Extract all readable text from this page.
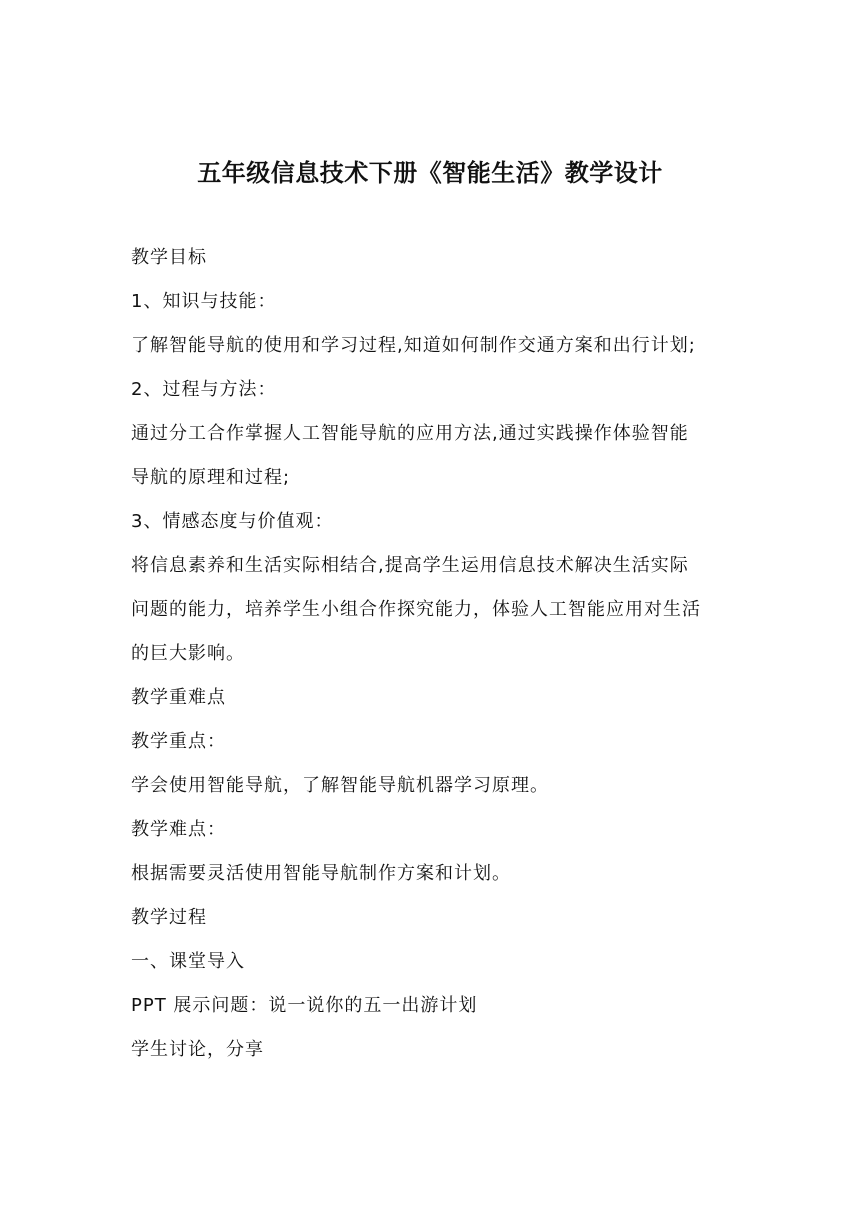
五年级信息技术下册《智能生活》教学设计
教学目标
1、知识与技能：
了解智能导航的使用和学习过程,知道如何制作交通方案和出行计划;
2、过程与方法：
通过分工合作掌握人工智能导航的应用方法,通过实践操作体验智能
导航的原理和过程;
3、情感态度与价值观：
将信息素养和生活实际相结合,提高学生运用信息技术解决生活实际
问题的能力，培养学生小组合作探究能力，体验人工智能应用对生活
的巨大影响。
教学重难点
教学重点：
学会使用智能导航，了解智能导航机器学习原理。
教学难点：
根据需要灵活使用智能导航制作方案和计划。
教学过程
一、课堂导入
PPT 展示问题：说一说你的五一出游计划
学生讨论，分享
